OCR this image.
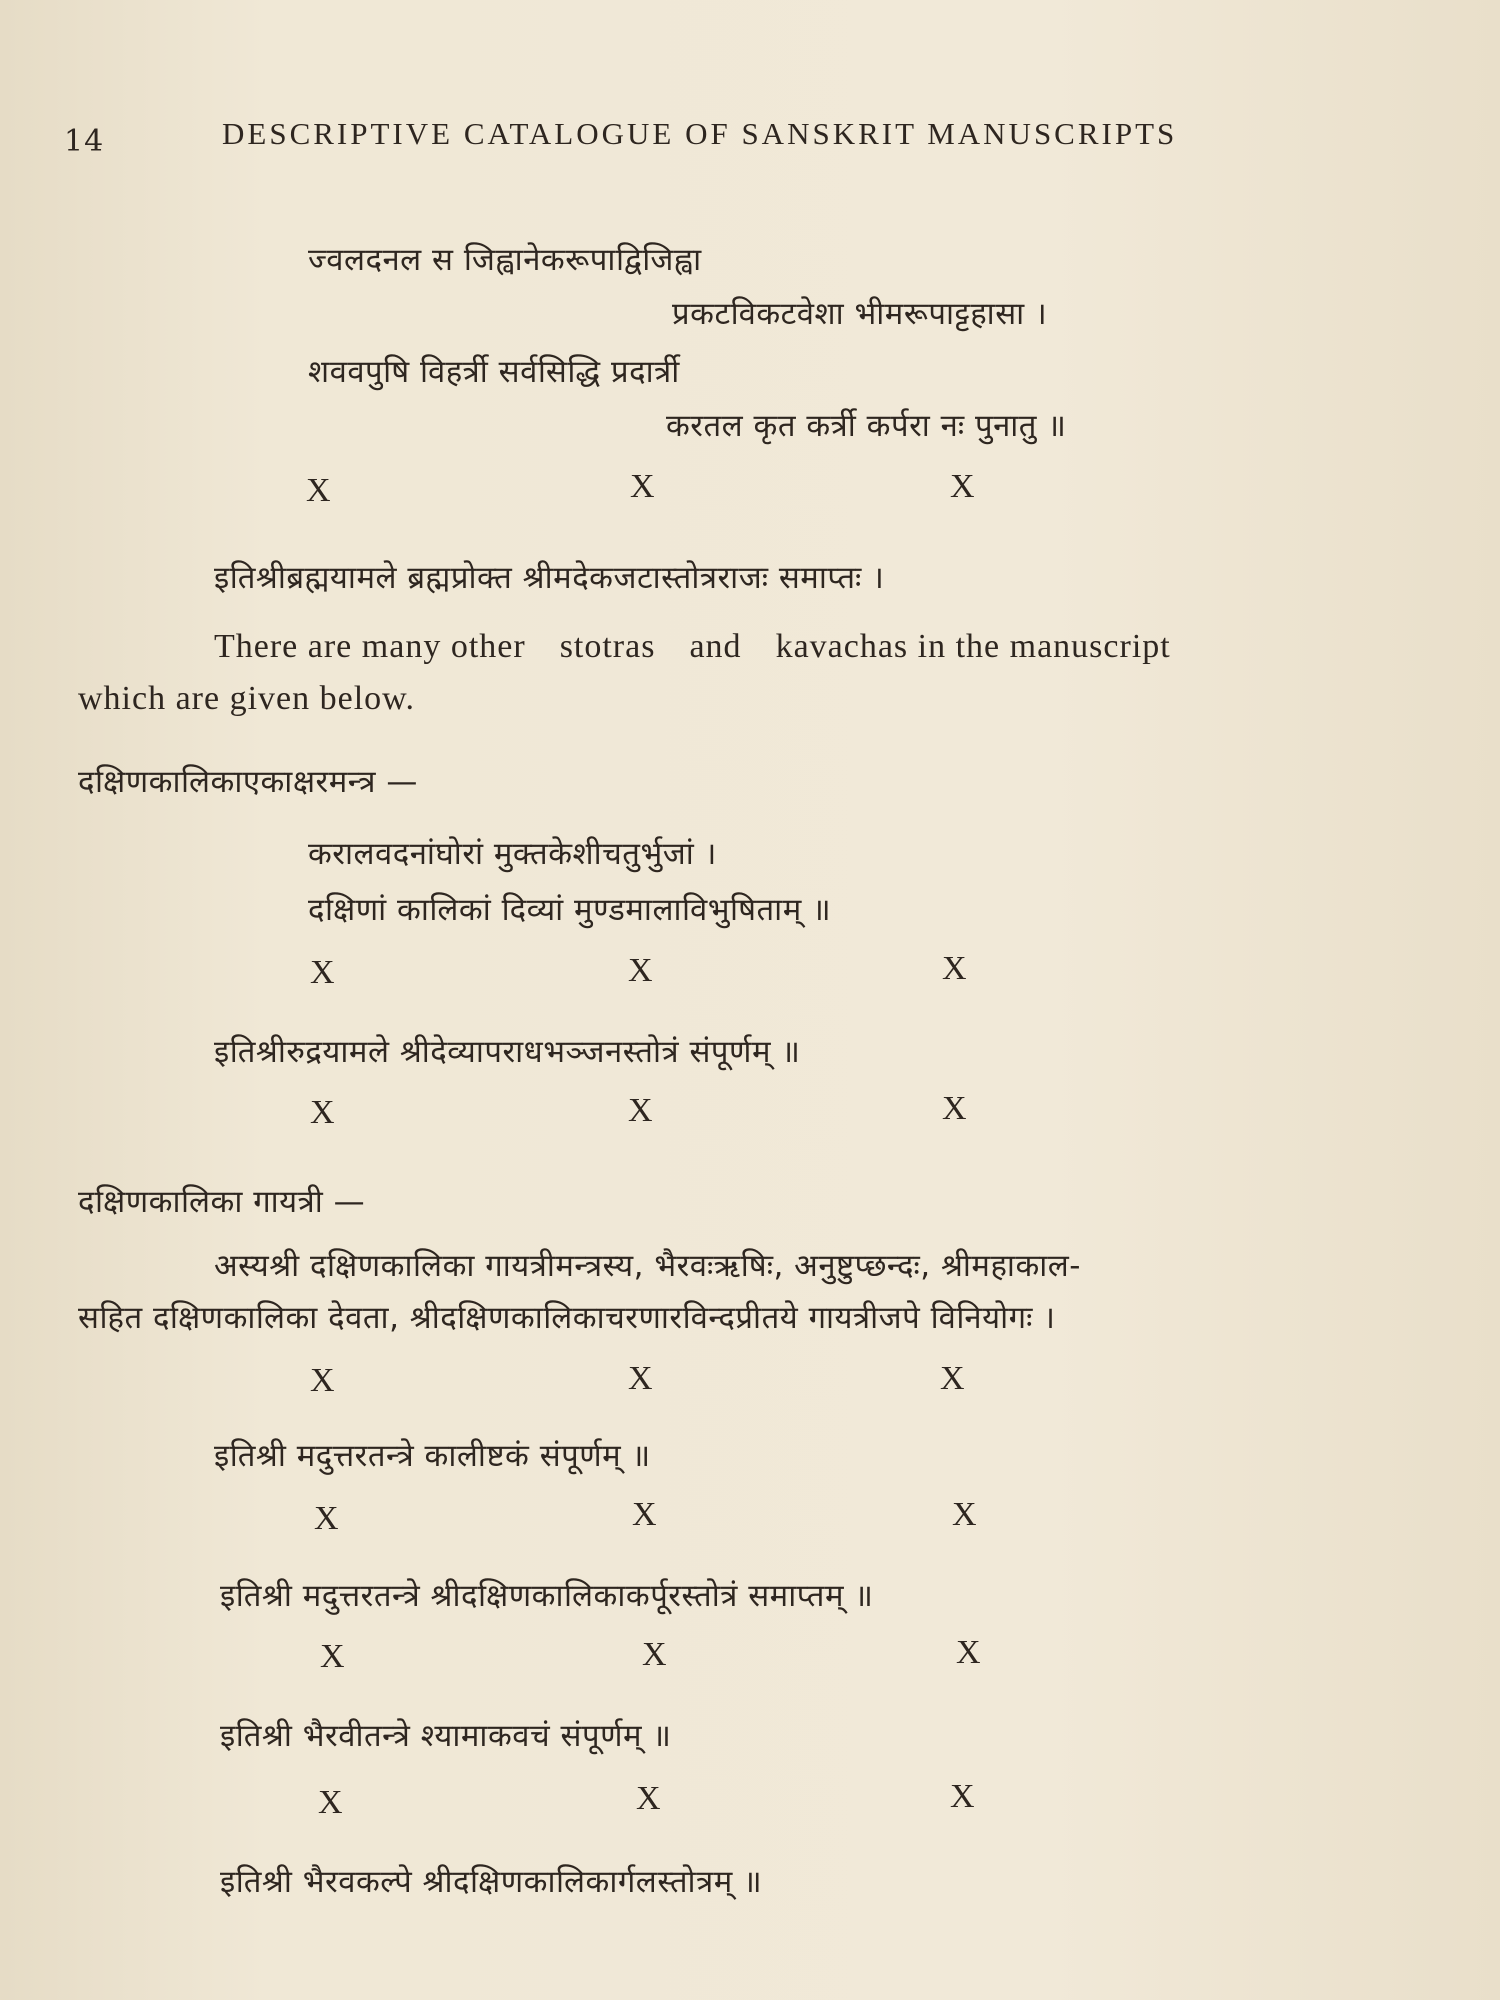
14	DESCRIPTIVE CATALOGUE OF SANSKRIT MANUSCRIPTS
ज्वलदनल स जिह्वानेकरूपाद्विजिह्वा
प्रकटविकटवेशा भीमरूपाट्टहासा ।
शववपुषि विहर्त्री सर्वसिद्धि प्रदार्त्री
करतल कृत कर्त्री कर्परा नः पुनातु ॥
X	X	X
इतिश्रीब्रह्मयामले ब्रह्मप्रोक्त श्रीमदेकजटास्तोत्रराजः समाप्तः ।
There are many other stotras and kavachas in the manuscript
which are given below.
दक्षिणकालिकाएकाक्षरमन्त्र —
करालवदनांघोरां मुक्तकेशीचतुर्भुजां ।
दक्षिणां कालिकां दिव्यां मुण्डमालाविभुषिताम् ॥
X	X	X
इतिश्रीरुद्रयामले श्रीदेव्यापराधभञ्जनस्तोत्रं संपूर्णम् ॥
X	X	X
दक्षिणकालिका गायत्री —
अस्यश्री दक्षिणकालिका गायत्रीमन्त्रस्य, भैरवःऋषिः, अनुष्टुप्छन्दः, श्रीमहाकाल-
सहित दक्षिणकालिका देवता, श्रीदक्षिणकालिकाचरणारविन्दप्रीतये गायत्रीजपे विनियोगः ।
X	X	X
इतिश्री मदुत्तरतन्त्रे कालीष्टकं संपूर्णम् ॥
X	X	X
इतिश्री मदुत्तरतन्त्रे श्रीदक्षिणकालिकाकर्पूरस्तोत्रं समाप्तम् ॥
X	X	X
इतिश्री भैरवीतन्त्रे श्यामाकवचं संपूर्णम् ॥
X	X	X
इतिश्री भैरवकल्पे श्रीदक्षिणकालिकार्गलस्तोत्रम् ॥
